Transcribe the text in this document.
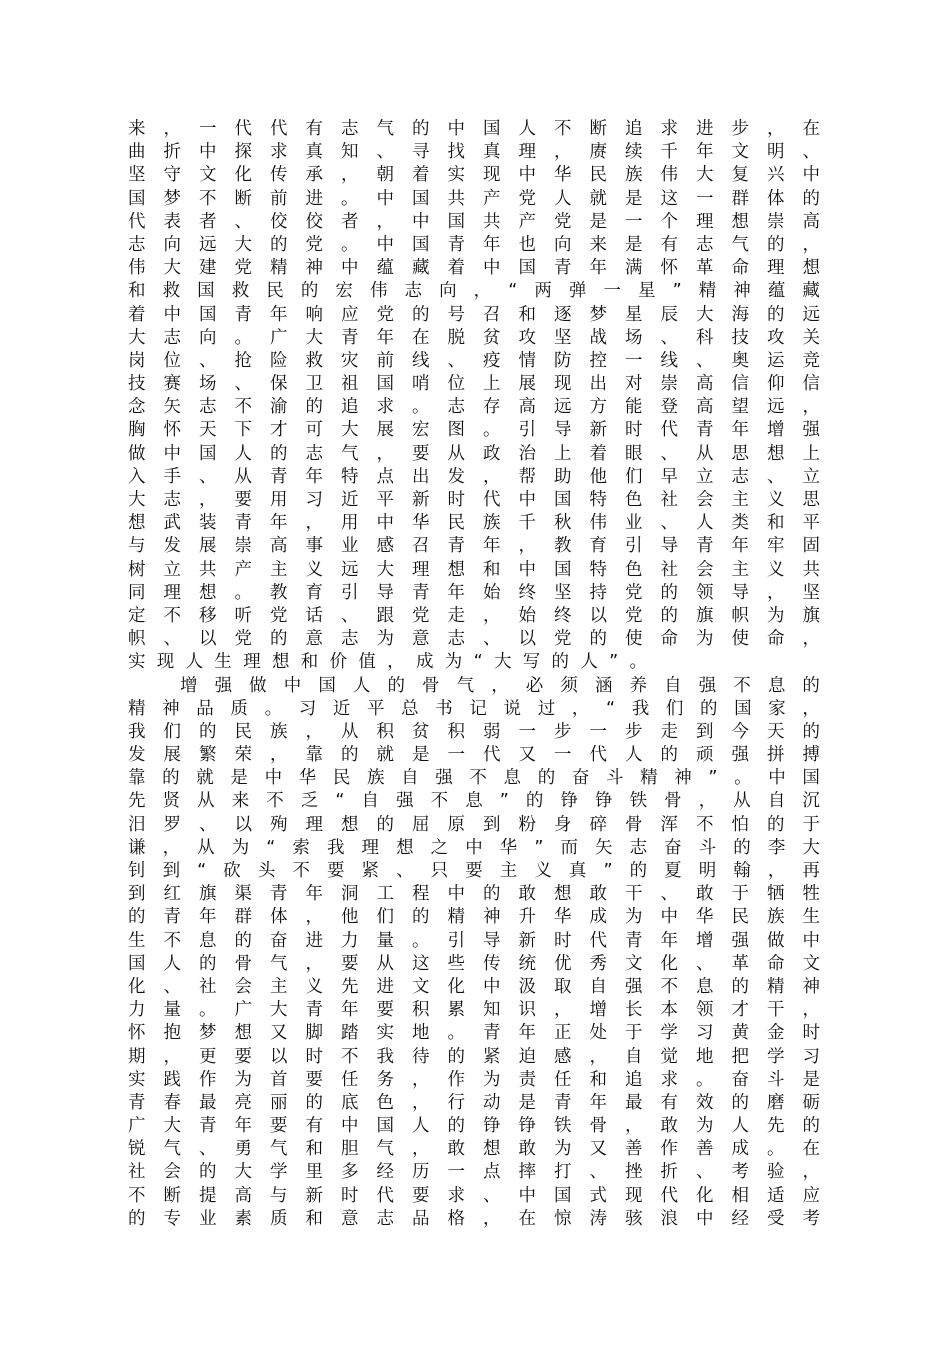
来 ， 一 代 代 有 志 气 的 中 国 人 不 断 追 求 进 步 ， 在
曲 折 中 探 求 真 知 、 寻 找 真 理 ， 赓 续 千 年 文 明 、
坚 守 文 化 传 承 ， 朝 着 实 现 中 华 民 族 伟 大 复 兴 中
国 梦 不 断 前 进 。 中 国 共 产 党 人 就 是 这 一 群 体 的
代 表 者 、 佼 佼 者 ， 中 国 共 产 党 是 一 个 理 想 崇 高
志 向 远 大 的 党 。 中 国 青 年 也 向 来 是 有 志 气 的 ，
伟 大 建 党 精 神 中 蕴 藏 着 中 国 青 年 满 怀 革 命 理 想
和 救 国 救 民 的 宏 伟 志 向 ， “ 两 弹 一 星 ” 精 神 蕴 藏
着 中 国 青 年 响 应 党 的 号 召 和 逐 梦 星 辰 大 海 的 远
大 志 向 。 广 大 青 年 在 脱 贫 攻 坚 战 场 、 科 技 攻 关
岗 位 、 抢 险 救 灾 前 线 、 疫 情 防 控 一 线 、 奥 运 竞
技 赛 场 、 保 卫 祖 国 哨 位 上 展 现 出 对 崇 高 信 仰 信
念 矢 志 不 渝 的 追 求 。 志 存 高 远 方 能 登 高 望 远 ，
胸 怀 天 下 才 可 大 展 宏 图 。 引 导 新 时 代 青 年 增 强
做 中 国 人 的 志 气 ， 要 从 政 治 上 着 眼 、 从 思 想 上
入 手 、 从 青 年 特 点 出 发 ， 帮 助 他 们 早 立 志 、 立
大 志 ， 要 用 习 近 平 新 时 代 中 国 特 色 社 会 主 义 思
想 武 装 青 年 ， 用 中 华 民 族 千 秋 伟 业 、 人 类 和 平
与 发 展 崇 高 事 业 感 召 青 年 ， 教 育 引 导 青 年 牢 固
树 立 共 产 主 义 远 大 理 想 和 中 国 特 色 社 会 主 义 共
同 理 想 。 教 育 引 导 青 年 始 终 坚 持 党 的 领 导 ， 坚
定 不 移 听 党 话 、 跟 党 走 ， 始 终 以 党 的 旗 帜 为 旗
帜 、 以 党 的 意 志 为 意 志 、 以 党 的 使 命 为 使 命 ，
实 现 人 生 理 想 和 价 值 ， 成 为 “ 大 写 的 人 ” 。
增 强 做 中 国 人 的 骨 气 ， 必 须 涵 养 自 强 不 息 的
精 神 品 质 。 习 近 平 总 书 记 说 过 ， “ 我 们 的 国 家 ，
我 们 的 民 族 ， 从 积 贫 积 弱 一 步 一 步 走 到 今 天 的
发 展 繁 荣 ， 靠 的 就 是 一 代 又 一 代 人 的 顽 强 拼 搏
靠 的 就 是 中 华 民 族 自 强 不 息 的 奋 斗 精 神 ” 。 中 国
先 贤 从 来 不 乏 “ 自 强 不 息 ” 的 铮 铮 铁 骨 ， 从 自 沉
汨 罗 、 以 殉 理 想 的 屈 原 到 粉 身 碎 骨 浑 不 怕 的 于
谦 ， 从 为 “ 索 我 理 想 之 中 华 ” 而 矢 志 奋 斗 的 李 大
钊 到 “ 砍 头 不 要 紧 、 只 要 主 义 真 ” 的 夏 明 翰 ， 再
到 红 旗 渠 青 年 洞 工 程 中 的 敢 想 敢 干 、 敢 于 牺 牲
的 青 年 群 体 ， 他 们 的 精 神 升 华 成 为 中 华 民 族 生
生 不 息 的 奋 进 力 量 。 引 导 新 时 代 青 年 增 强 做 中
国 人 的 骨 气 ， 要 从 这 些 传 统 优 秀 文 化 、 革 命 文
化 、 社 会 主 义 先 进 文 化 中 汲 取 自 强 不 息 的 精 神
力 量 。 广 大 青 年 要 积 累 知 识 ， 增 长 本 领 才 干 ，
怀 抱 梦 想 又 脚 踏 实 地 。 青 年 正 处 于 学 习 黄 金 时
期 ， 更 要 以 时 不 我 待 的 紧 迫 感 ， 自 觉 地 把 学 习
实 践 作 为 首 要 任 务 ， 作 为 责 任 和 追 求 。 奋 斗 是
青 春 最 亮 丽 的 底 色 ， 行 动 是 青 年 最 有 效 的 磨 砺
广 大 青 年 要 有 中 国 人 的 铮 铮 铁 骨 ， 敢 为 人 先 的
锐 气 、 勇 气 和 胆 气 ， 敢 想 敢 为 又 善 作 善 成 。 在
社 会 的 大 学 里 多 经 历 一 点 摔 打 、 挫 折 、 考 验 ，
不 断 提 高 与 新 时 代 要 求 、 中 国 式 现 代 化 相 适 应
的 专 业 素 质 和 意 志 品 格 ， 在 惊 涛 骇 浪 中 经 受 考
